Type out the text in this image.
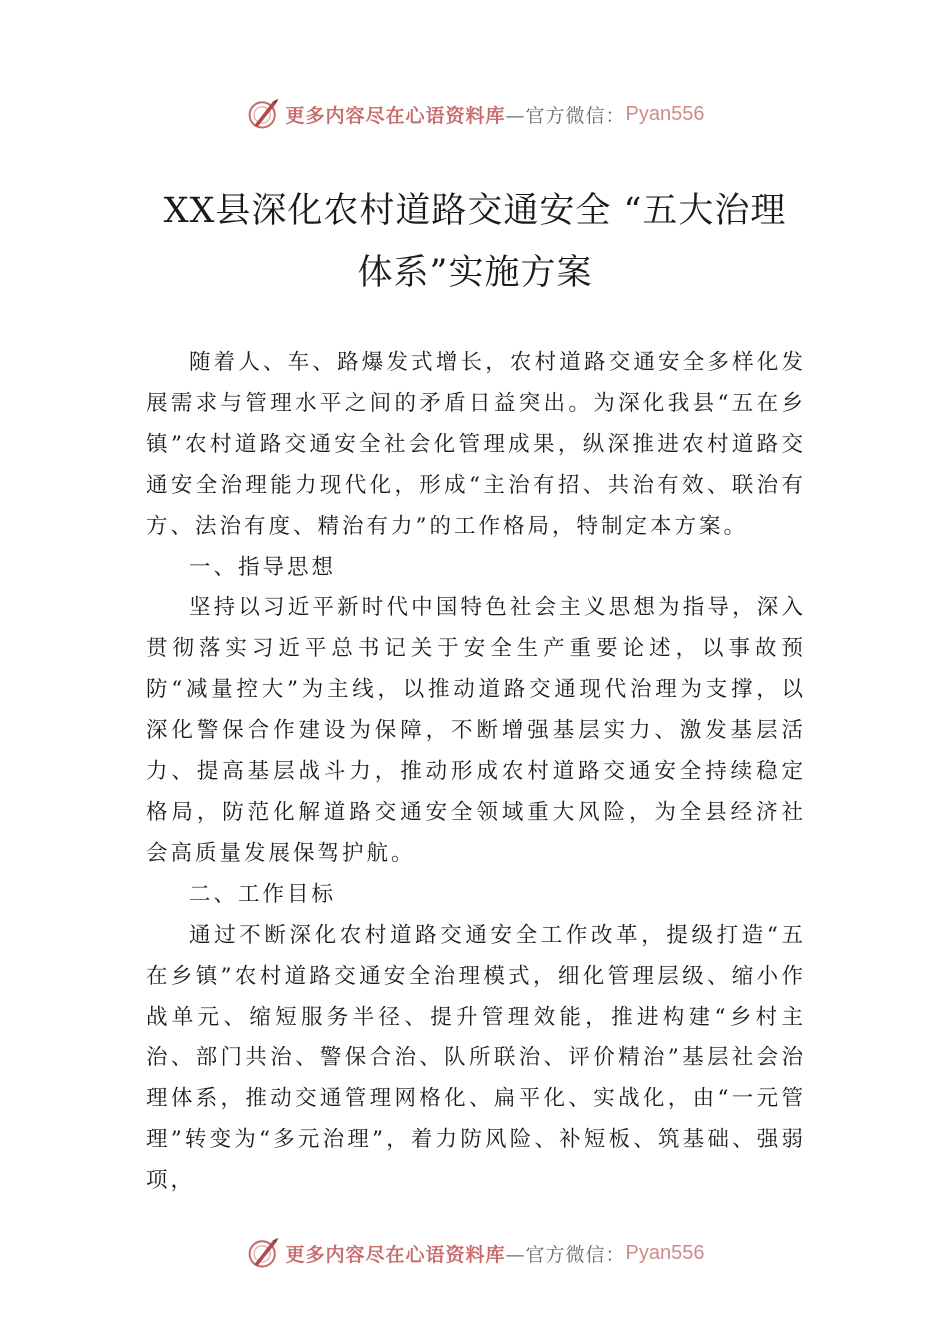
更多内容尽在心语资料库 —官方微信： Pyan556
XX县深化农村道路交通安全 “五大治理
体系”实施方案

随着人、车、路爆发式增长，农村道路交通安全多样化发展需求与管理水平之间的矛盾日益突出。为深化我县“五在乡镇”农村道路交通安全社会化管理成果，纵深推进农村道路交通安全治理能力现代化，形成“主治有招、共治有效、联治有方、法治有度、精治有力”的工作格局，特制定本方案。

一、指导思想

坚持以习近平新时代中国特色社会主义思想为指导，深入贯彻落实习近平总书记关于安全生产重要论述，以事故预防“减量控大”为主线，以推动道路交通现代治理为支撑，以深化警保合作建设为保障，不断增强基层实力、激发基层活力、提高基层战斗力，推动形成农村道路交通安全持续稳定格局，防范化解道路交通安全领域重大风险，为全县经济社会高质量发展保驾护航。

二、工作目标

通过不断深化农村道路交通安全工作改革，提级打造“五在乡镇”农村道路交通安全治理模式，细化管理层级、缩小作战单元、缩短服务半径、提升管理效能，推进构建“乡村主治、部门共治、警保合治、队所联治、评价精治”基层社会治理体系，推动交通管理网格化、扁平化、实战化，由“一元管理”转变为“多元治理”，着力防风险、补短板、筑基础、强弱项，

更多内容尽在心语资料库 —官方微信： Pyan556
